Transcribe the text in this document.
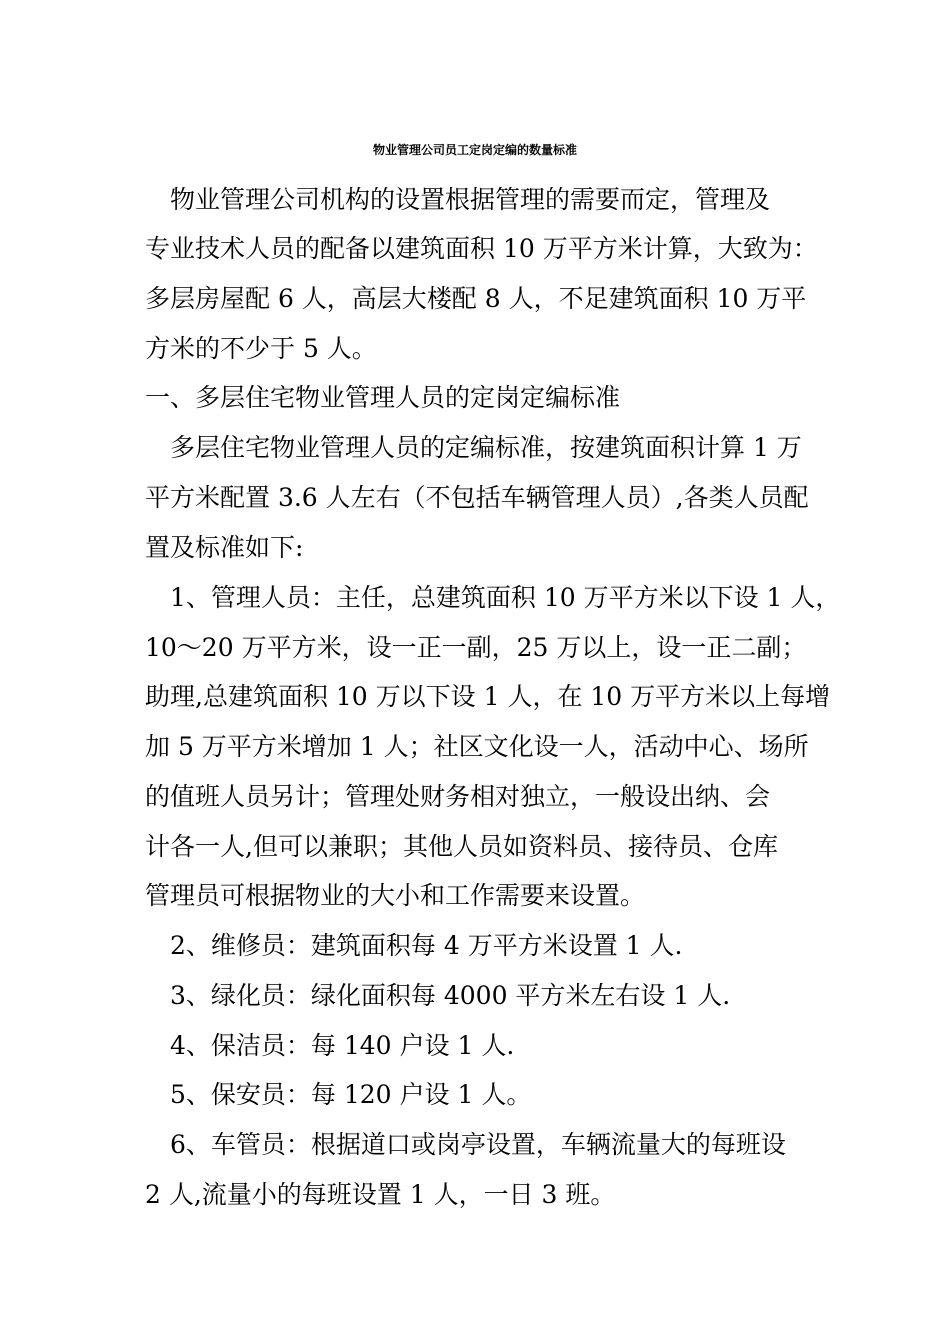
物业管理公司员工定岗定编的数量标准
物业管理公司机构的设置根据管理的需要而定，管理及
专业技术人员的配备以建筑面积 10 万平方米计算，大致为：
多层房屋配 6 人，高层大楼配 8 人，不足建筑面积 10 万平
方米的不少于 5 人。
一、多层住宅物业管理人员的定岗定编标准
多层住宅物业管理人员的定编标准，按建筑面积计算 1 万
平方米配置 3.6 人左右（不包括车辆管理人员）,各类人员配
置及标准如下:
1、管理人员：主任，总建筑面积 10 万平方米以下设 1 人，
10～20 万平方米，设一正一副，25 万以上，设一正二副；
助理,总建筑面积 10 万以下设 1 人，在 10 万平方米以上每增
加 5 万平方米增加 1 人；社区文化设一人，活动中心、场所
的值班人员另计；管理处财务相对独立，一般设出纳、会
计各一人,但可以兼职；其他人员如资料员、接待员、仓库
管理员可根据物业的大小和工作需要来设置。
2、维修员：建筑面积每 4 万平方米设置 1 人.
3、绿化员：绿化面积每 4000 平方米左右设 1 人.
4、保洁员：每 140 户设 1 人.
5、保安员：每 120 户设 1 人。
6、车管员：根据道口或岗亭设置，车辆流量大的每班设
2 人,流量小的每班设置 1 人，一日 3 班。
